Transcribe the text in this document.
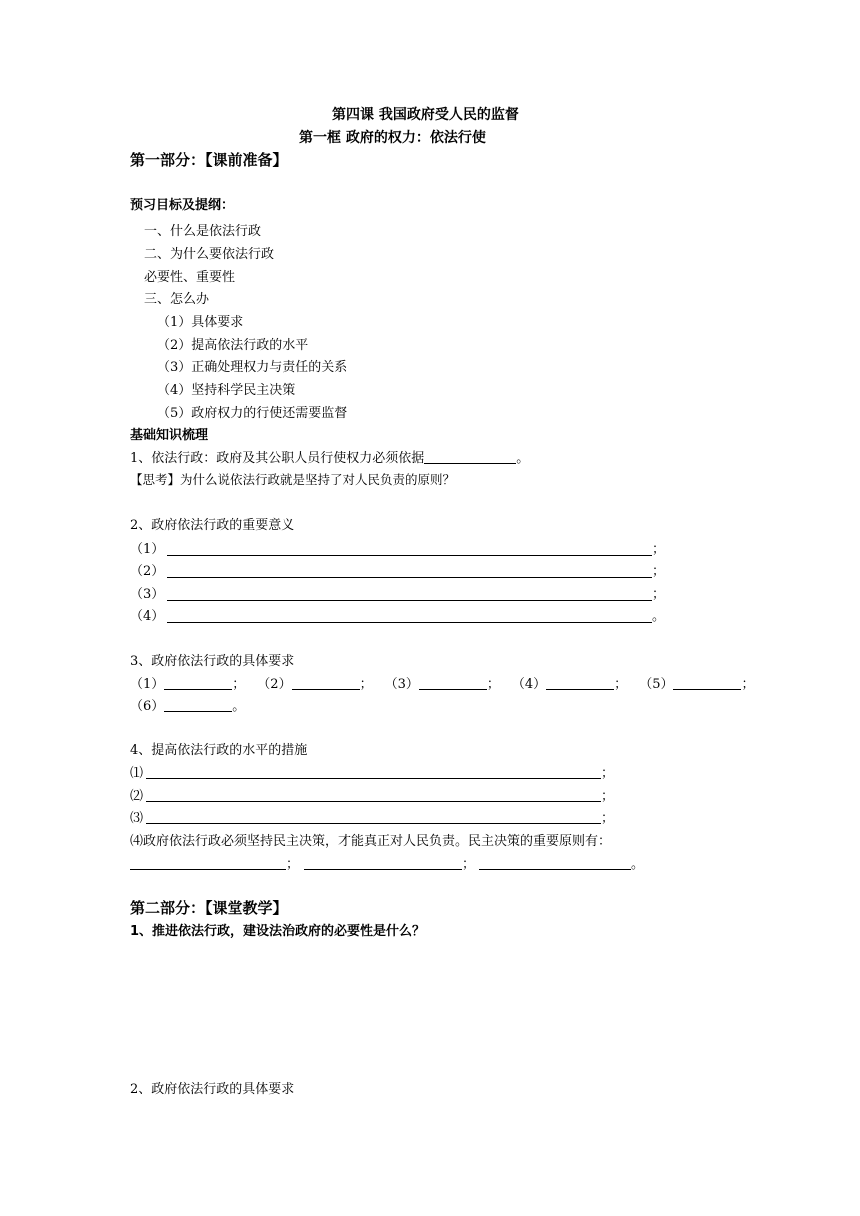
第四课 我国政府受人民的监督
第一框 政府的权力：依法行使
第一部分：【课前准备】
预习目标及提纲：
一、什么是依法行政
二、为什么要依法行政
必要性、重要性
三、怎么办
（1）具体要求
（2）提高依法行政的水平
（3）正确处理权力与责任的关系
（4）坚持科学民主决策
（5）政府权力的行使还需要监督
基础知识梳理
1、依法行政：政府及其公职人员行使权力必须依据	。
【思考】为什么说依法行政就是坚持了对人民负责的原则？
2、政府依法行政的重要意义
（1）	；
（2）	；
（3）	；
（4）	。
3、政府依法行政的具体要求
（1）	； （2）	； （3）	； （4）	； （5）	；
（6）	。
4、提高依法行政的水平的措施
⑴	；
⑵	；
⑶	；
⑷政府依法行政必须坚持民主决策，才能真正对人民负责。民主决策的重要原则有：
；	；	。
第二部分：【课堂教学】
1、推进依法行政，建设法治政府的必要性是什么？
2、政府依法行政的具体要求
